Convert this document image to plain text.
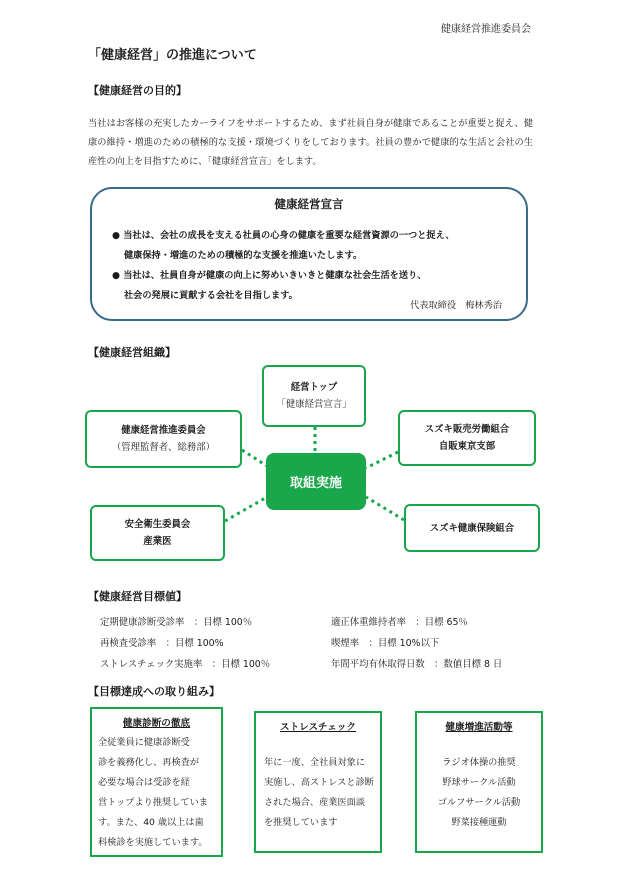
健康経営推進委員会
「健康経営」の推進について
【健康経営の目的】
当社はお客様の充実したカーライフをサポートするため、まず社員自身が健康であることが重要と捉え、健康の維持・増進のための積極的な支援・環境づくりをしております。社員の豊かで健康的な生活と会社の生産性の向上を目指すために、「健康経営宣言」をします。
健康経営宣言
● 当社は、会社の成長を支える社員の心身の健康を重要な経営資源の一つと捉え、
健康保持・増進のための積極的な支援を推進いたします。
● 当社は、社員自身が健康の向上に努めいきいきと健康な社会生活を送り、
社会の発展に貢献する会社を目指します。
代表取締役　梅林秀治
【健康経営組織】
経営トップ
「健康経営宣言」
健康経営推進委員会
（管理監督者、総務部）
安全衛生委員会
産業医
スズキ販売労働組合
自販東京支部
スズキ健康保険組合
取組実施
【健康経営目標値】
定期健康診断受診率　：目標 100％
再検査受診率　：目標 100%
ストレスチェック実施率　：目標 100％
適正体重維持者率　：目標 65％
喫煙率　：目標 10%以下
年間平均有休取得日数　：数値目標 8 日
【目標達成への取り組み】
健康診断の徹底
全従業員に健康診断受
診を義務化し、再検査が
必要な場合は受診を経
営トップより推奨していま
す。また、40 歳以上は歯
科検診を実施しています。
ストレスチェック
年に一度、全社員対象に
実施し、高ストレスと診断
された場合、産業医面談
を推奨しています
健康増進活動等
ラジオ体操の推奨
野球サークル活動
ゴルフサークル活動
野菜接種運動
